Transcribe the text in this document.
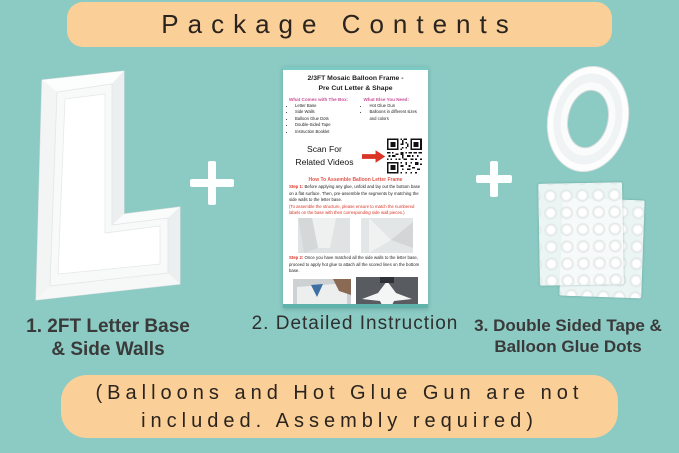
Package Contents
2/3FT Mosaic Balloon Frame -
Pre Cut Letter & Shape

What Comes with The Box:

• Letter Base
• Side Walls
• Balloon Glue Dots
• Double-Sided Tape
• Instruction Booklet

What Else You Need:

• Hot Glue Gun
• Balloons in different sizes and colors
Scan For
Related Videos
How To Assemble Balloon Letter Frame
Step 1: Before applying any glue, unfold and lay out the bottom base on a flat surface. Then, pre-assemble the segments by matching the side walls to the letter base.
(To assemble the structure, please ensure to match the numbered labels on the base with their corresponding side wall pieces.)
Step 2: Once you have matched all the side walls to the letter base, proceed to apply hot glue to attach all the scored lines on the bottom base.
1. 2FT Letter Base
& Side Walls
2. Detailed Instruction 3. Double Sided Tape &
Balloon Glue Dots
(Balloons and Hot Glue Gun are not
included. Assembly required)
